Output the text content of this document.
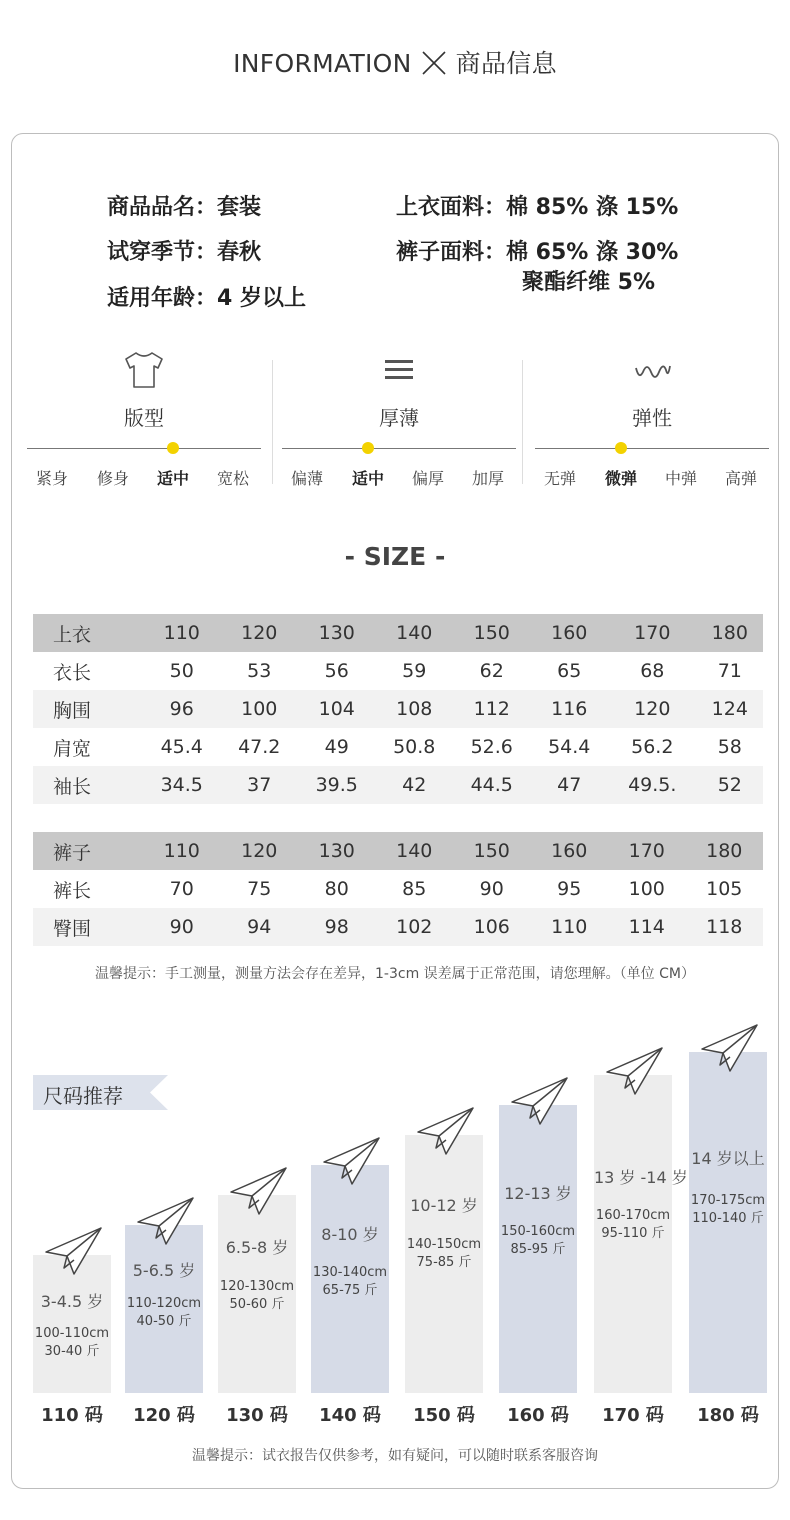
INFORMATION 商品信息
商品品名：套装
试穿季节：春秋
适用年龄：4 岁以上
上衣面料：棉 85% 涤 15%
裤子面料：棉 65% 涤 30%
聚酯纤维 5%
版型
紧身	修身	适中	宽松
厚薄
偏薄	适中	偏厚	加厚
弹性
无弹	微弹	中弹	高弹
- SIZE -
上衣	110	120	130	140	150	160	170	180
衣长	50	53	56	59	62	65	68	71
胸围	96	100	104	108	112	116	120	124
肩宽	45.4	47.2	49	50.8	52.6	54.4	56.2	58
袖长	34.5	37	39.5	42	44.5	47	49.5.	52
裤子	110	120	130	140	150	160	170	180
裤长	70	75	80	85	90	95	100	105
臀围	90	94	98	102	106	110	114	118
温馨提示：手工测量，测量方法会存在差异，1-3cm 误差属于正常范围，请您理解。（单位 CM）
尺码推荐
3-4.5 岁
100-110cm
30-40 斤
110 码
5-6.5 岁
110-120cm
40-50 斤
120 码
6.5-8 岁
120-130cm
50-60 斤
130 码
8-10 岁
130-140cm
65-75 斤
140 码
10-12 岁
140-150cm
75-85 斤
150 码
12-13 岁
150-160cm
85-95 斤
160 码
13 岁 -14 岁
160-170cm
95-110 斤
170 码
14 岁以上
170-175cm
110-140 斤
180 码
温馨提示：试衣报告仅供参考，如有疑问，可以随时联系客服咨询
